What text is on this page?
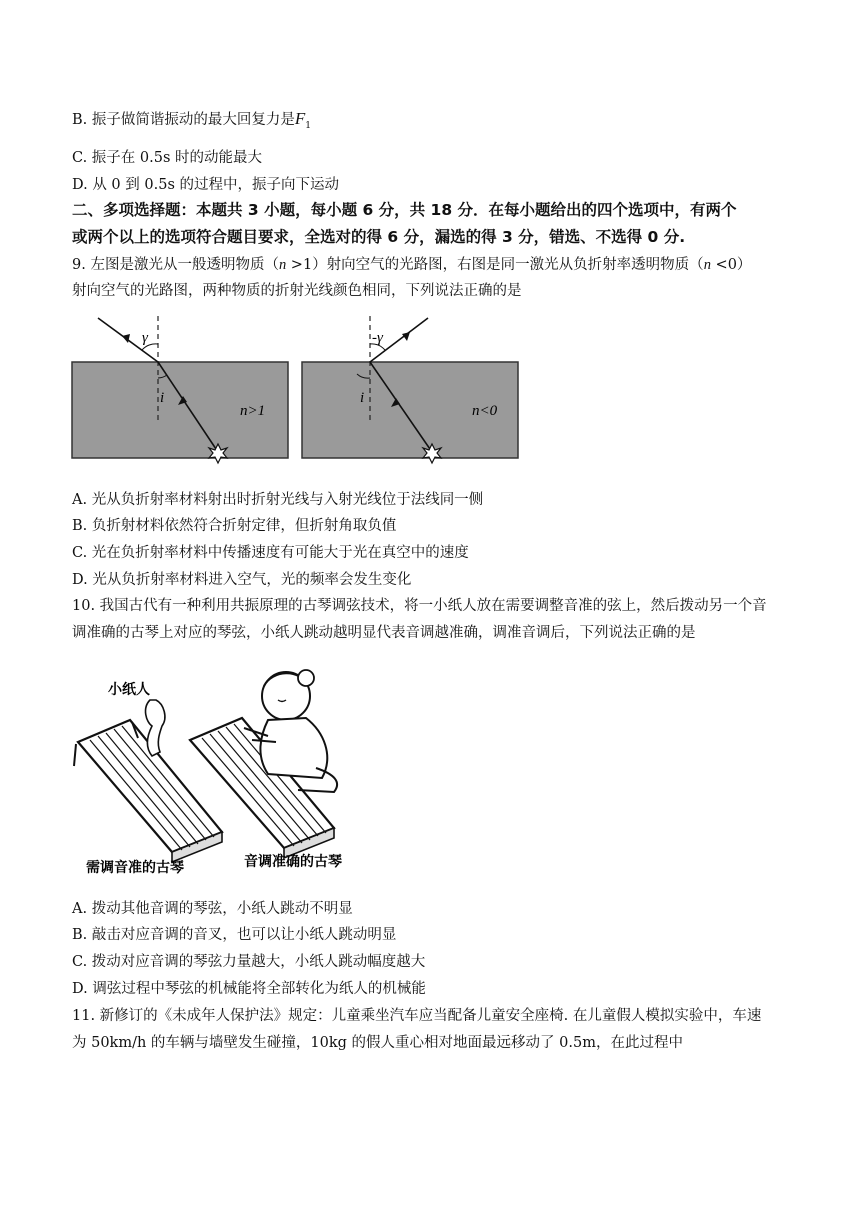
B. 振子做简谐振动的最大回复力是$F_1$
C. 振子在 0.5s 时的动能最大
D. 从 0 到 0.5s 的过程中，振子向下运动
二、多项选择题：本题共 3 小题，每小题 6 分，共 18 分．在每小题给出的四个选项中，有两个
或两个以上的选项符合题目要求，全选对的得 6 分，漏选的得 3 分，错选、不选得 0 分.
9. 左图是激光从一般透明物质（n >1）射向空气的光路图，右图是同一激光从负折射率透明物质（n <0）
射向空气的光路图，两种物质的折射光线颜色相同，下列说法正确的是
γ
i
n>1
-γ
i
n<0
A. 光从负折射率材料射出时折射光线与入射光线位于法线同一侧
B. 负折射材料依然符合折射定律，但折射角取负值
C. 光在负折射率材料中传播速度有可能大于光在真空中的速度
D. 光从负折射率材料进入空气，光的频率会发生变化
10. 我国古代有一种利用共振原理的古琴调弦技术，将一小纸人放在需要调整音准的弦上，然后拨动另一个音
调准确的古琴上对应的琴弦，小纸人跳动越明显代表音调越准确，调准音调后，下列说法正确的是
小纸人
需调音准的古琴	音调准确的古琴
A. 拨动其他音调的琴弦，小纸人跳动不明显
B. 敲击对应音调的音叉，也可以让小纸人跳动明显
C. 拨动对应音调的琴弦力量越大，小纸人跳动幅度越大
D. 调弦过程中琴弦的机械能将全部转化为纸人的机械能
11. 新修订的《未成年人保护法》规定：儿童乘坐汽车应当配备儿童安全座椅. 在儿童假人模拟实验中，车速
为 50km/h 的车辆与墙壁发生碰撞，10kg 的假人重心相对地面最远移动了 0.5m，在此过程中
